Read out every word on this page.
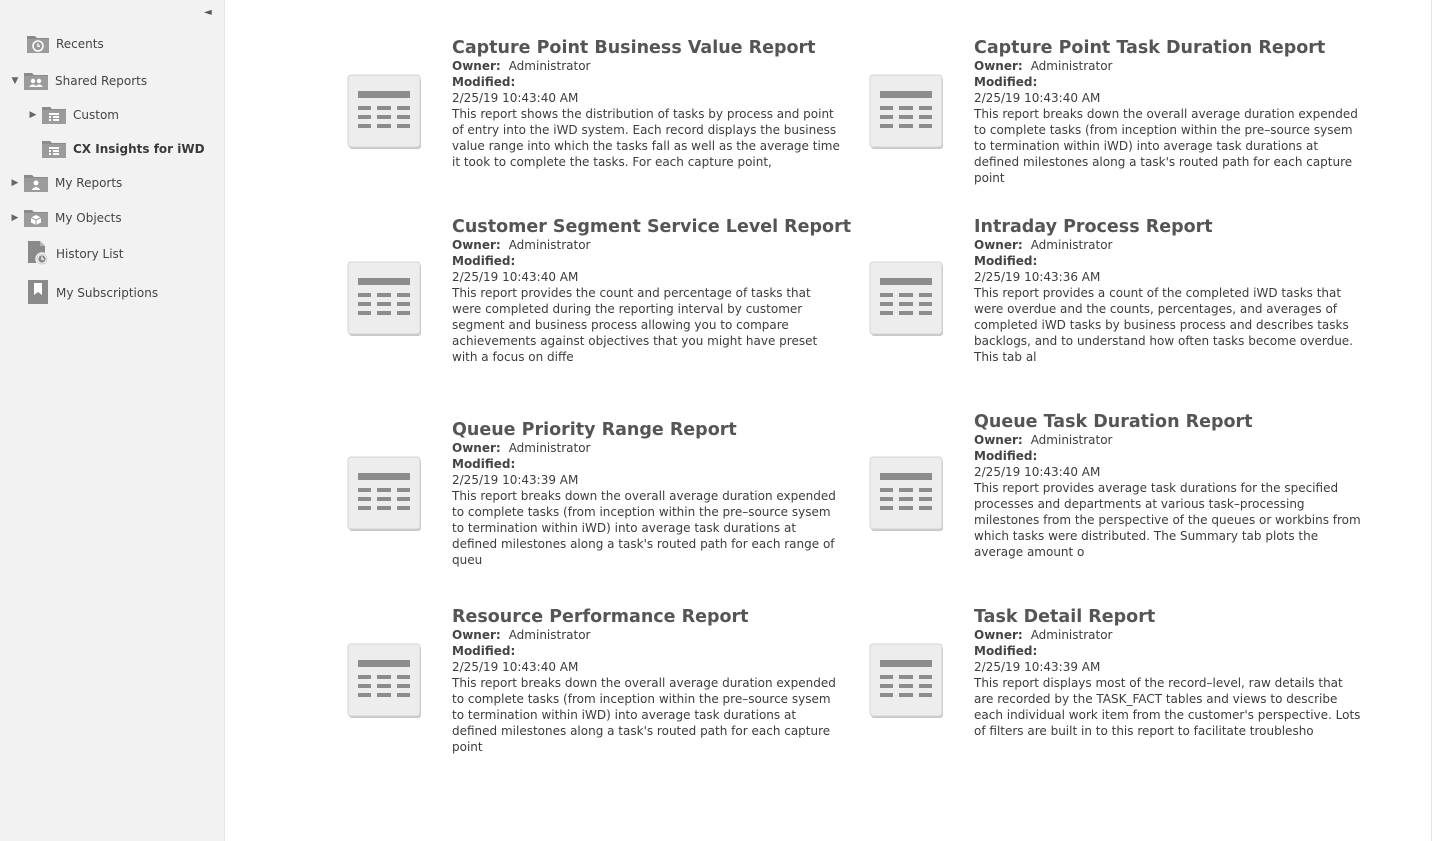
◄
Recents
▼	Shared Reports
▶	Custom
CX Insights for iWD
▶	My Reports
▶	My Objects
History List
My Subscriptions
Capture Point Business Value Report
Owner: Administrator
Modified:
2/25/19 10:43:40 AM
This report shows the distribution of tasks by process and point of entry into the iWD system. Each record displays the business value range into which the tasks fall as well as the average time it took to complete the tasks. For each capture point,
Capture Point Task Duration Report
Owner: Administrator
Modified:
2/25/19 10:43:40 AM
This report breaks down the overall average duration expended to complete tasks (from inception within the pre–source sysem to termination within iWD) into average task durations at defined milestones along a task's routed path for each capture point
Customer Segment Service Level Report
Owner: Administrator
Modified:
2/25/19 10:43:40 AM
This report provides the count and percentage of tasks that were completed during the reporting interval by customer segment and business process allowing you to compare achievements against objectives that you might have preset with a focus on diffe
Intraday Process Report
Owner: Administrator
Modified:
2/25/19 10:43:36 AM
This report provides a count of the completed iWD tasks that were overdue and the counts, percentages, and averages of completed iWD tasks by business process and describes tasks backlogs, and to understand how often tasks become overdue. This tab al
Queue Priority Range Report
Owner: Administrator
Modified:
2/25/19 10:43:39 AM
This report breaks down the overall average duration expended to complete tasks (from inception within the pre–source sysem to termination within iWD) into average task durations at defined milestones along a task's routed path for each range of queu
Queue Task Duration Report
Owner: Administrator
Modified:
2/25/19 10:43:40 AM
This report provides average task durations for the specified processes and departments at various task–processing milestones from the perspective of the queues or workbins from which tasks were distributed. The Summary tab plots the average amount o
Resource Performance Report
Owner: Administrator
Modified:
2/25/19 10:43:40 AM
This report breaks down the overall average duration expended to complete tasks (from inception within the pre–source sysem to termination within iWD) into average task durations at defined milestones along a task's routed path for each capture point
Task Detail Report
Owner: Administrator
Modified:
2/25/19 10:43:39 AM
This report displays most of the record–level, raw details that are recorded by the TASK_FACT tables and views to describe each individual work item from the customer's perspective. Lots of filters are built in to this report to facilitate troublesho
